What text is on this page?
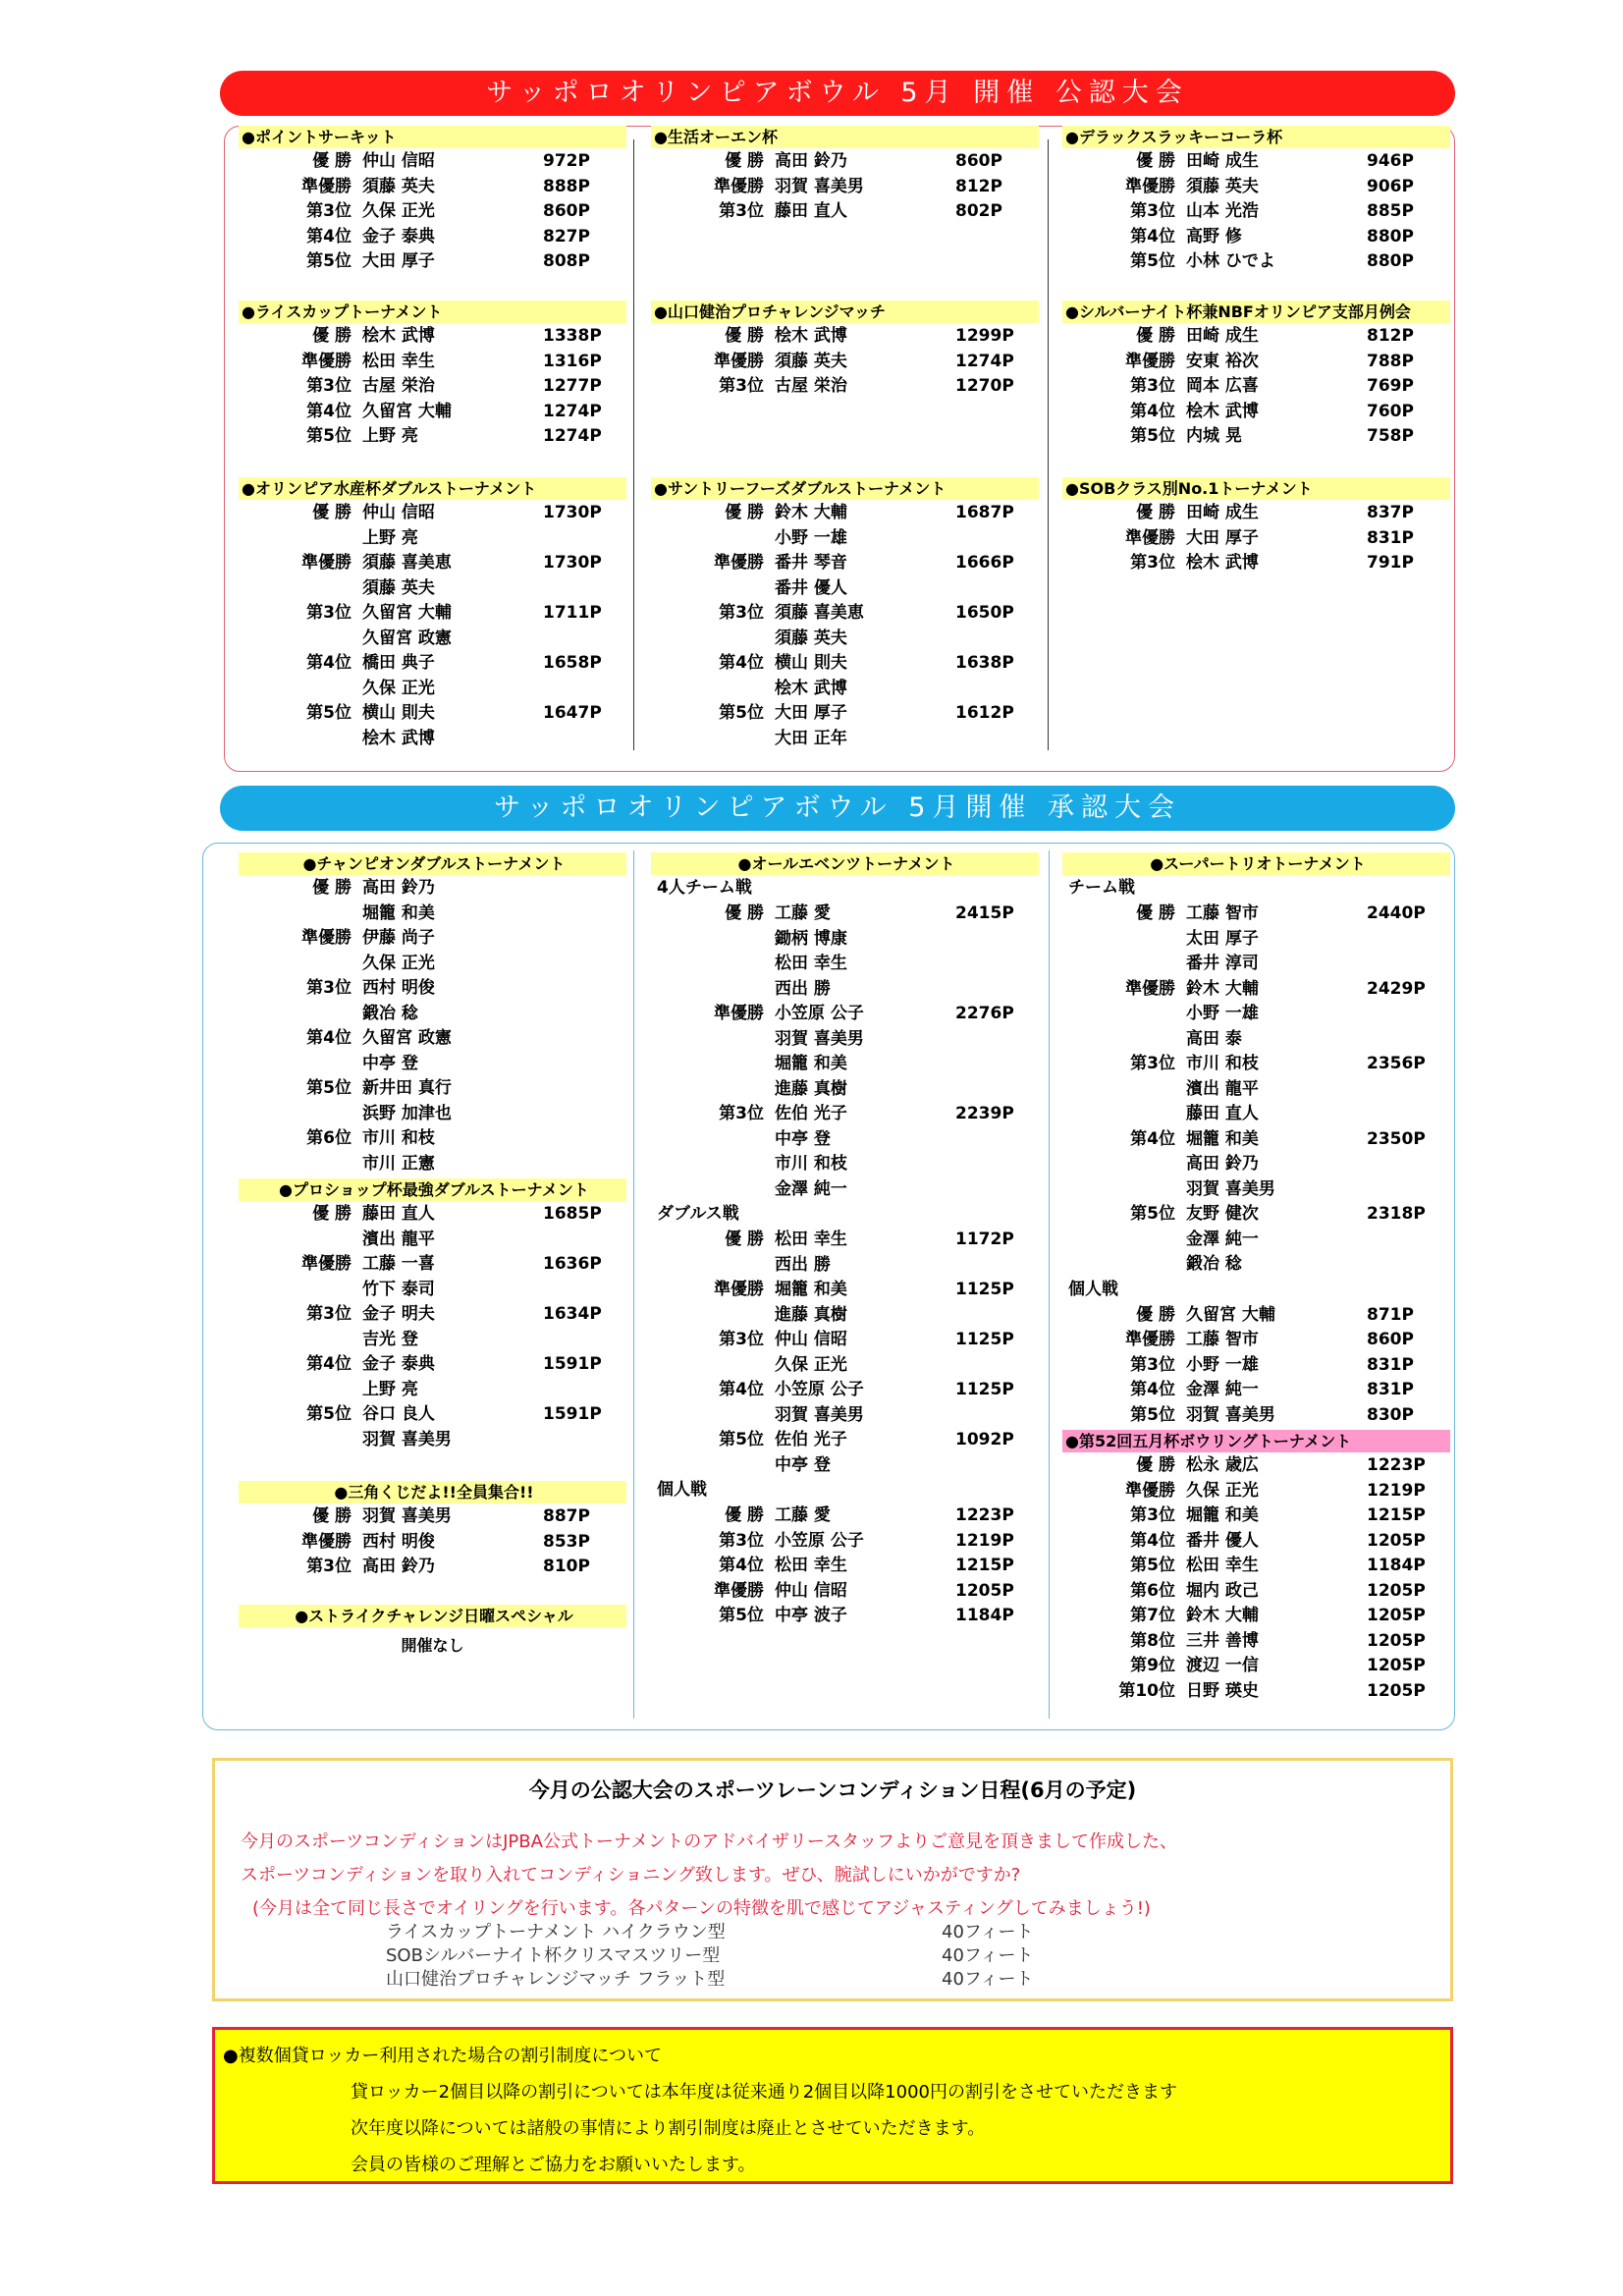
サッポロオリンピアボウル 5月 開催 公認大会
サッポロオリンピアボウル 5月開催 承認大会
●ポイントサーキット
優 勝 仲山 信昭	972P
準優勝 須藤 英夫	888P
第3位 久保 正光	860P
第4位 金子 泰典	827P
第5位 大田 厚子	808P
●ライスカップトーナメント
優 勝 桧木 武博	1338P
準優勝 松田 幸生	1316P
第3位 古屋 栄治	1277P
第4位 久留宮 大輔	1274P
第5位 上野 亮	1274P
●オリンピア水産杯ダブルストーナメント
優 勝 仲山 信昭	1730P
上野 亮
準優勝 須藤 喜美恵	1730P
須藤 英夫
第3位 久留宮 大輔	1711P
久留宮 政憲
第4位 橋田 典子	1658P
久保 正光
第5位 横山 則夫	1647P
桧木 武博
●生活オーエン杯
優 勝 高田 鈴乃	860P
準優勝 羽賀 喜美男	812P
第3位 藤田 直人	802P
●山口健治プロチャレンジマッチ
優 勝 桧木 武博	1299P
準優勝 須藤 英夫	1274P
第3位 古屋 栄治	1270P
●サントリーフーズダブルストーナメント
優 勝 鈴木 大輔	1687P
小野 一雄
準優勝 番井 琴音	1666P
番井 優人
第3位 須藤 喜美恵	1650P
須藤 英夫
第4位 横山 則夫	1638P
桧木 武博
第5位 大田 厚子	1612P
大田 正年
●デラックスラッキーコーラ杯
優 勝 田崎 成生	946P
準優勝 須藤 英夫	906P
第3位 山本 光浩	885P
第4位 高野 修	880P
第5位 小林 ひでよ	880P
●シルバーナイト杯兼NBFオリンピア支部月例会
優 勝 田崎 成生	812P
準優勝 安東 裕次	788P
第3位 岡本 広喜	769P
第4位 桧木 武博	760P
第5位 内城 晃	758P
●SOBクラス別No.1トーナメント
優 勝 田崎 成生	837P
準優勝 大田 厚子	831P
第3位 桧木 武博	791P
●チャンピオンダブルストーナメント
優 勝 高田 鈴乃
堀籠 和美
準優勝 伊藤 尚子
久保 正光
第3位 西村 明俊
鍛冶 稔
第4位 久留宮 政憲
中亭 登
第5位 新井田 真行
浜野 加津也
第6位 市川 和枝
市川 正憲
●プロショップ杯最強ダブルストーナメント
優 勝 藤田 直人	1685P
濱出 龍平
準優勝 工藤 一喜	1636P
竹下 泰司
第3位 金子 明夫	1634P
吉光 登
第4位 金子 泰典	1591P
上野 亮
第5位 谷口 良人	1591P
羽賀 喜美男
●三角くじだよ!!全員集合!!
優 勝 羽賀 喜美男	887P
準優勝 西村 明俊	853P
第3位 高田 鈴乃	810P
●ストライクチャレンジ日曜スペシャル
開催なし
●オールエベンツトーナメント
4人チーム戦
優 勝 工藤 愛	2415P
鋤柄 博康
松田 幸生
西出 勝
準優勝 小笠原 公子	2276P
羽賀 喜美男
堀籠 和美
進藤 真樹
第3位 佐伯 光子	2239P
中亭 登
市川 和枝
金澤 純一
ダブルス戦
優 勝 松田 幸生	1172P
西出 勝
準優勝 堀籠 和美	1125P
進藤 真樹
第3位 仲山 信昭	1125P
久保 正光
第4位 小笠原 公子	1125P
羽賀 喜美男
第5位 佐伯 光子	1092P
中亭 登
個人戦
優 勝 工藤 愛	1223P
第3位 小笠原 公子	1219P
第4位 松田 幸生	1215P
準優勝 仲山 信昭	1205P
第5位 中亭 波子	1184P
●スーパートリオトーナメント
チーム戦
優 勝 工藤 智市	2440P
太田 厚子
番井 淳司
準優勝 鈴木 大輔	2429P
小野 一雄
高田 泰
第3位 市川 和枝	2356P
濱出 龍平
藤田 直人
第4位 堀籠 和美	2350P
高田 鈴乃
羽賀 喜美男
第5位 友野 健次	2318P
金澤 純一
鍛冶 稔
個人戦
優 勝 久留宮 大輔	871P
準優勝 工藤 智市	860P
第3位 小野 一雄	831P
第4位 金澤 純一	831P
第5位 羽賀 喜美男	830P
●第52回五月杯ボウリングトーナメント
優 勝 松永 歳広	1223P
準優勝 久保 正光	1219P
第3位 堀籠 和美	1215P
第4位 番井 優人	1205P
第5位 松田 幸生	1184P
第6位 堀内 政己	1205P
第7位 鈴木 大輔	1205P
第8位 三井 善博	1205P
第9位 渡辺 一信	1205P
第10位 日野 瑛史	1205P
今月の公認大会のスポーツレーンコンディション日程(6月の予定)
今月のスポーツコンディションはJPBA公式トーナメントのアドバイザリースタッフよりご意見を頂きまして作成した、
スポーツコンディションを取り入れてコンディショニング致します。ぜひ、腕試しにいかがですか?
(今月は全て同じ長さでオイリングを行います。各パターンの特徴を肌で感じてアジャスティングしてみましょう!)
ライスカップトーナメント ハイクラウン型	40フィート
SOBシルバーナイト杯クリスマスツリー型	40フィート
山口健治プロチャレンジマッチ フラット型	40フィート
●複数個貸ロッカー利用された場合の割引制度について
貸ロッカー2個目以降の割引については本年度は従来通り2個目以降1000円の割引をさせていただきます
次年度以降については諸般の事情により割引制度は廃止とさせていただきます。
会員の皆様のご理解とご協力をお願いいたします。
